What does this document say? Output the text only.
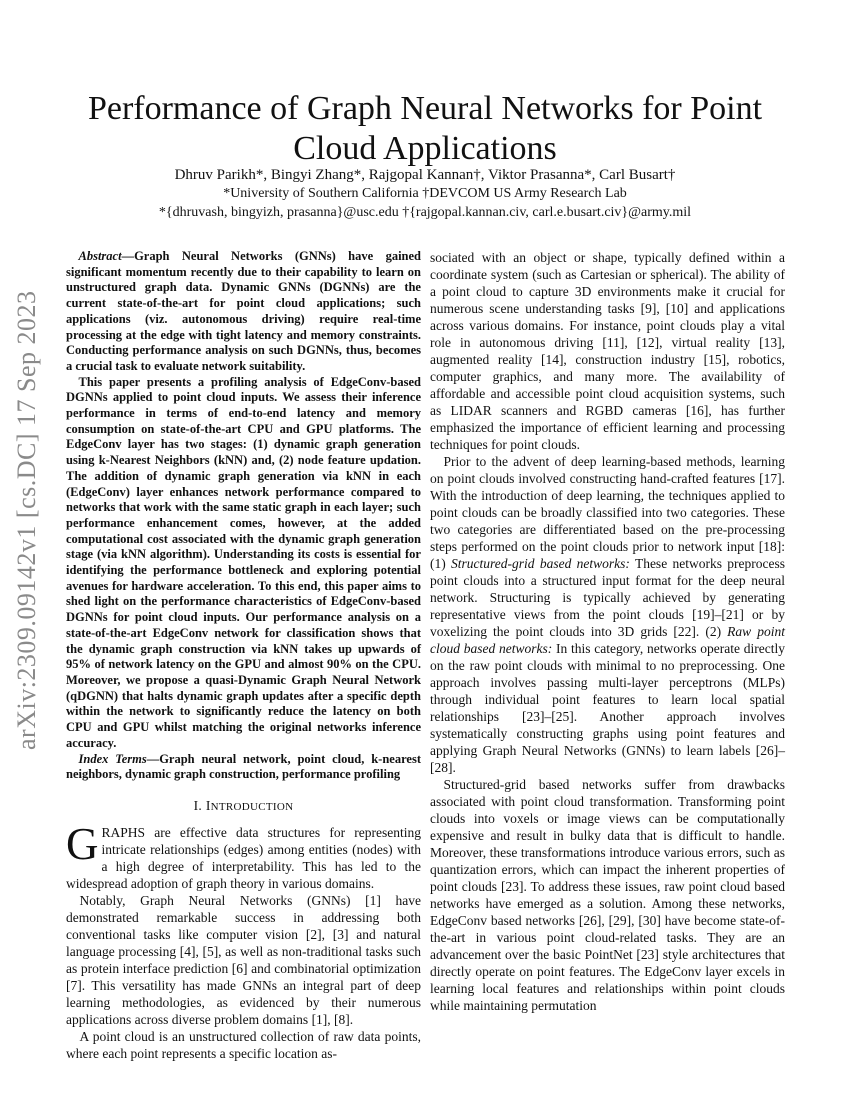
arXiv:2309.09142v1 [cs.DC] 17 Sep 2023
Performance of Graph Neural Networks for Point Cloud Applications
Dhruv Parikh*, Bingyi Zhang*, Rajgopal Kannan†, Viktor Prasanna*, Carl Busart†
*University of Southern California †DEVCOM US Army Research Lab
*{dhruvash, bingyizh, prasanna}@usc.edu †{rajgopal.kannan.civ, carl.e.busart.civ}@army.mil

Abstract—Graph Neural Networks (GNNs) have gained significant momentum recently due to their capability to learn on unstructured graph data. Dynamic GNNs (DGNNs) are the current state-of-the-art for point cloud applications; such applications (viz. autonomous driving) require real-time processing at the edge with tight latency and memory constraints. Conducting performance analysis on such DGNNs, thus, becomes a crucial task to evaluate network suitability.

This paper presents a profiling analysis of EdgeConv-based DGNNs applied to point cloud inputs. We assess their inference performance in terms of end-to-end latency and memory consumption on state-of-the-art CPU and GPU platforms. The EdgeConv layer has two stages: (1) dynamic graph generation using k-Nearest Neighbors (kNN) and, (2) node feature updation. The addition of dynamic graph generation via kNN in each (EdgeConv) layer enhances network performance compared to networks that work with the same static graph in each layer; such performance enhancement comes, however, at the added computational cost associated with the dynamic graph generation stage (via kNN algorithm). Understanding its costs is essential for identifying the performance bottleneck and exploring potential avenues for hardware acceleration. To this end, this paper aims to shed light on the performance characteristics of EdgeConv-based DGNNs for point cloud inputs. Our performance analysis on a state-of-the-art EdgeConv network for classification shows that the dynamic graph construction via kNN takes up upwards of 95% of network latency on the GPU and almost 90% on the CPU. Moreover, we propose a quasi-Dynamic Graph Neural Network (qDGNN) that halts dynamic graph updates after a specific depth within the network to significantly reduce the latency on both CPU and GPU whilst matching the original networks inference accuracy.

Index Terms—Graph neural network, point cloud, k-nearest neighbors, dynamic graph construction, performance profiling

I. INTRODUCTION

GRAPHS are effective data structures for representing intricate relationships (edges) among entities (nodes) with a high degree of interpretability. This has led to the widespread adoption of graph theory in various domains.

Notably, Graph Neural Networks (GNNs) [1] have demonstrated remarkable success in addressing both conventional tasks like computer vision [2], [3] and natural language processing [4], [5], as well as non-traditional tasks such as protein interface prediction [6] and combinatorial optimization [7]. This versatility has made GNNs an integral part of deep learning methodologies, as evidenced by their numerous applications across diverse problem domains [1], [8].

A point cloud is an unstructured collection of raw data points, where each point represents a specific location as-

sociated with an object or shape, typically defined within a coordinate system (such as Cartesian or spherical). The ability of a point cloud to capture 3D environments make it crucial for numerous scene understanding tasks [9], [10] and applications across various domains. For instance, point clouds play a vital role in autonomous driving [11], [12], virtual reality [13], augmented reality [14], construction industry [15], robotics, computer graphics, and many more. The availability of affordable and accessible point cloud acquisition systems, such as LIDAR scanners and RGBD cameras [16], has further emphasized the importance of efficient learning and processing techniques for point clouds.

Prior to the advent of deep learning-based methods, learning on point clouds involved constructing hand-crafted features [17]. With the introduction of deep learning, the techniques applied to point clouds can be broadly classified into two categories. These two categories are differentiated based on the pre-processing steps performed on the point clouds prior to network input [18]: (1) Structured-grid based networks: These networks preprocess point clouds into a structured input format for the deep neural network. Structuring is typically achieved by generating representative views from the point clouds [19]–[21] or by voxelizing the point clouds into 3D grids [22]. (2) Raw point cloud based networks: In this category, networks operate directly on the raw point clouds with minimal to no preprocessing. One approach involves passing multi-layer perceptrons (MLPs) through individual point features to learn local spatial relationships [23]–[25]. Another approach involves systematically constructing graphs using point features and applying Graph Neural Networks (GNNs) to learn labels [26]–[28].

Structured-grid based networks suffer from drawbacks associated with point cloud transformation. Transforming point clouds into voxels or image views can be computationally expensive and result in bulky data that is difficult to handle. Moreover, these transformations introduce various errors, such as quantization errors, which can impact the inherent properties of point clouds [23]. To address these issues, raw point cloud based networks have emerged as a solution. Among these networks, EdgeConv based networks [26], [29], [30] have become state-of-the-art in various point cloud-related tasks. They are an advancement over the basic PointNet [23] style architectures that directly operate on point features. The EdgeConv layer excels in learning local features and relationships within point clouds while maintaining permutation
